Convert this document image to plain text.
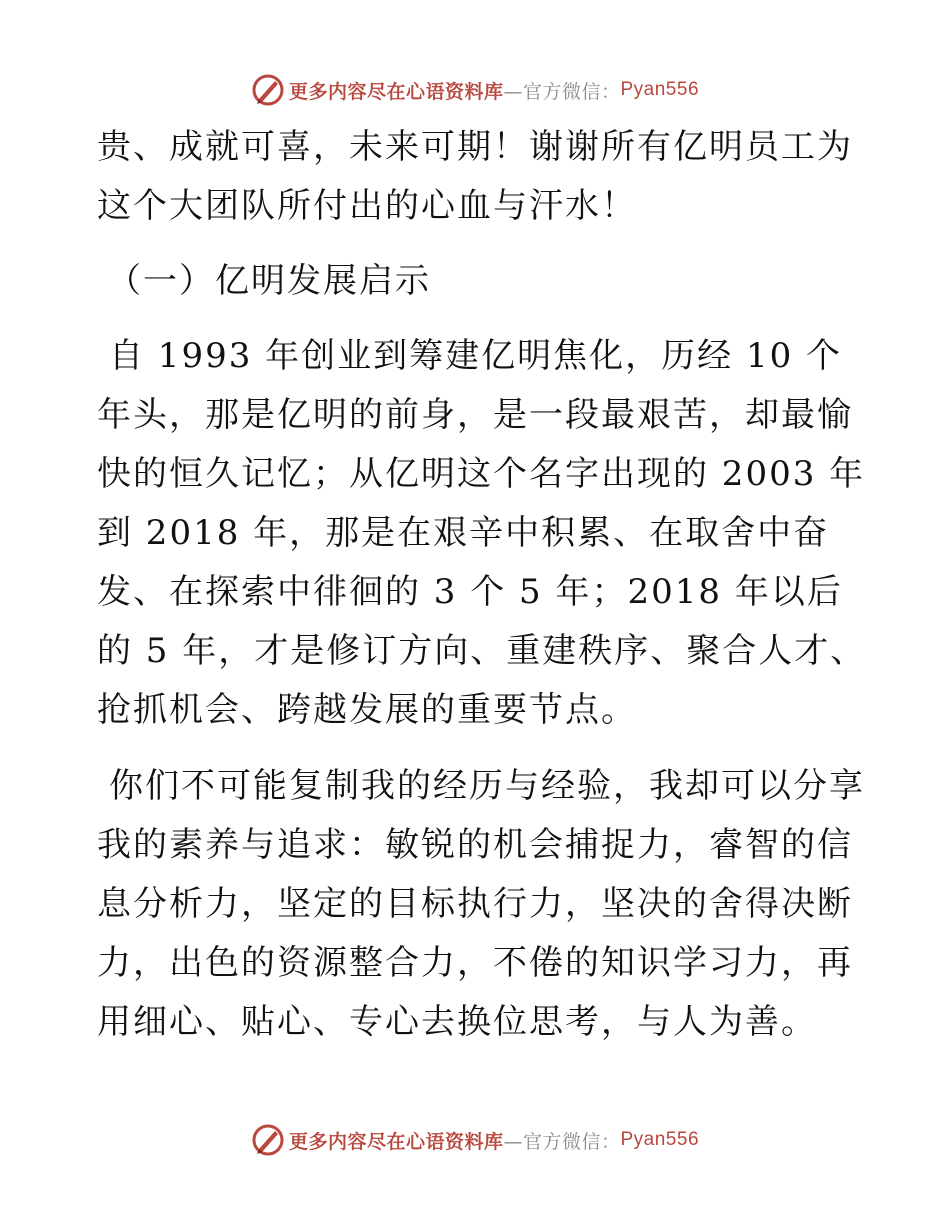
更多内容尽在心语资料库 —官方微信： Pyan556

贵、成就可喜，未来可期！谢谢所有亿明员工为这个大团队所付出的心血与汗水！

（一）亿明发展启示

自 1993 年创业到筹建亿明焦化，历经 10 个年头，那是亿明的前身，是一段最艰苦，却最愉快的恒久记忆；从亿明这个名字出现的 2003 年到 2018 年，那是在艰辛中积累、在取舍中奋发、在探索中徘徊的 3 个 5 年；2018 年以后的 5 年，才是修订方向、重建秩序、聚合人才、抢抓机会、跨越发展的重要节点。

你们不可能复制我的经历与经验，我却可以分享我的素养与追求：敏锐的机会捕捉力，睿智的信息分析力，坚定的目标执行力，坚决的舍得决断力，出色的资源整合力，不倦的知识学习力，再用细心、贴心、专心去换位思考，与人为善。

更多内容尽在心语资料库 —官方微信： Pyan556
